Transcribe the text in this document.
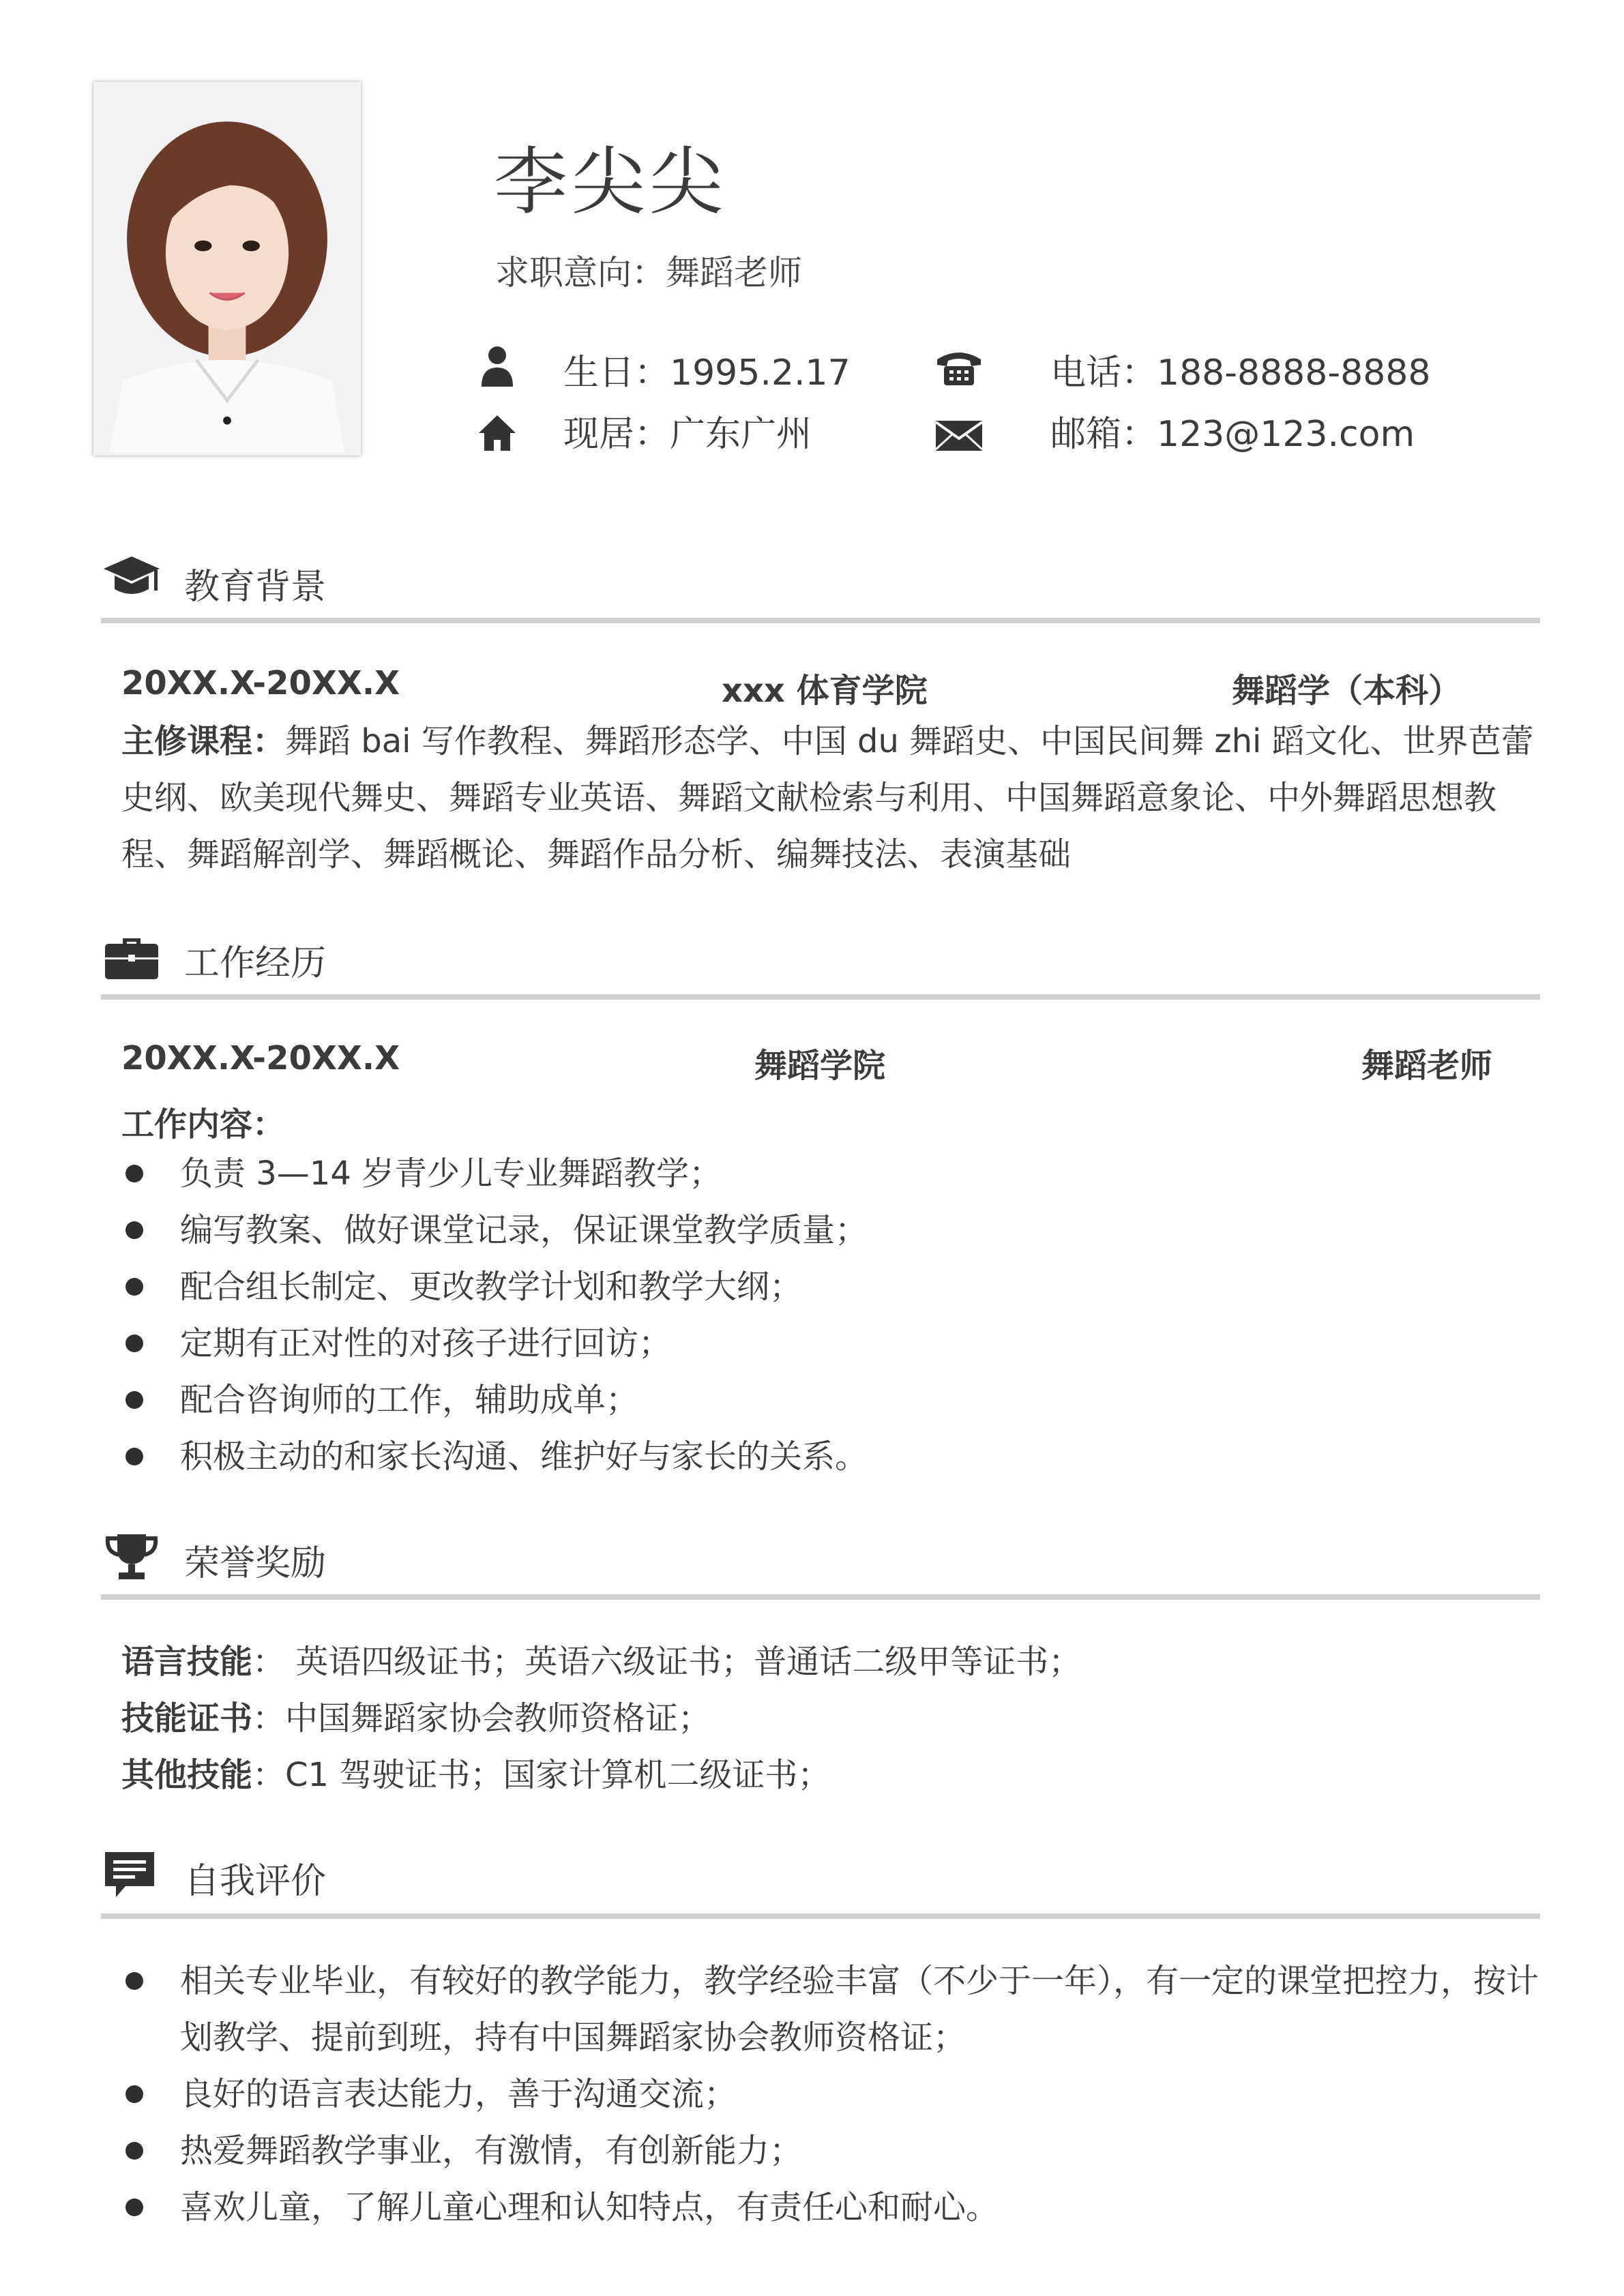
李尖尖
求职意向：舞蹈老师
生日：1995.2.17
现居：广东广州
电话：188-8888-8888
邮箱：123@123.com
教育背景
20XX.X-20XX.X	xxx 体育学院	舞蹈学（本科）
主修课程：舞蹈 bai 写作教程、舞蹈形态学、中国 du 舞蹈史、中国民间舞 zhi 蹈文化、世界芭蕾史纲、欧美现代舞史、舞蹈专业英语、舞蹈文献检索与利用、中国舞蹈意象论、中外舞蹈思想教程、舞蹈解剖学、舞蹈概论、舞蹈作品分析、编舞技法、表演基础
工作经历
20XX.X-20XX.X	舞蹈学院	舞蹈老师
工作内容：
负责 3—14 岁青少儿专业舞蹈教学；
编写教案、做好课堂记录，保证课堂教学质量；
配合组长制定、更改教学计划和教学大纲；
定期有正对性的对孩子进行回访；
配合咨询师的工作，辅助成单；
积极主动的和家长沟通、维护好与家长的关系。
荣誉奖励
语言技能： 英语四级证书；英语六级证书；普通话二级甲等证书；
技能证书：中国舞蹈家协会教师资格证；
其他技能：C1 驾驶证书；国家计算机二级证书；
自我评价
相关专业毕业，有较好的教学能力，教学经验丰富（不少于一年），有一定的课堂把控力，按计划教学、提前到班，持有中国舞蹈家协会教师资格证；
良好的语言表达能力，善于沟通交流；
热爱舞蹈教学事业，有激情，有创新能力；
喜欢儿童，了解儿童心理和认知特点，有责任心和耐心。
